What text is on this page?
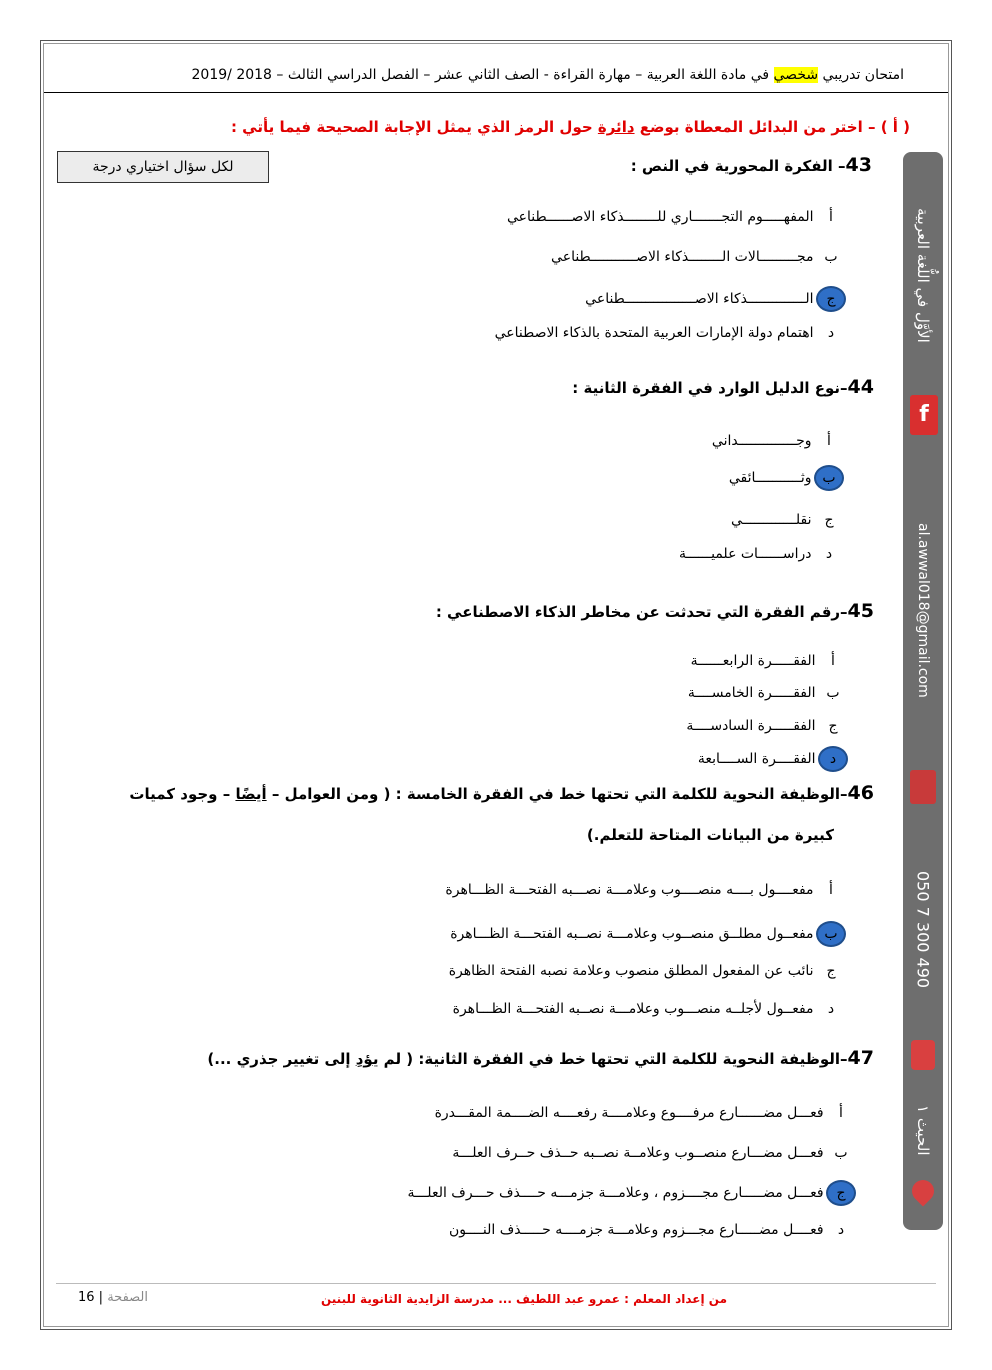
امتحان تدريبي شخصي في مادة اللغة العربية – مهارة القراءة - الصف الثاني عشر – الفصل الدراسي الثالث – 2018 /2019
( أ ) – اختر من البدائل المعطاة بوضع دائرة حول الرمز الذي يمثل الإجابة الصحيحة فيما يأتي :
لكل سؤال اختياري درجة	43– الفكرة المحورية في النص :
أ المفهـــــوم التجـــــــاري للــــــــذكاء الاصــــــطناعي
ب مجـــــــــالات الــــــــذكاء الاصـــــــــــطناعي
ج الــــــــــــــذكاء الاصـــــــــــــــــطناعي
د اهتمام دولة الإمارات العربية المتحدة بالذكاء الاصطناعي
44–نوع الدليل الوارد في الفقرة الثانية :
أ وجــــــــــــــداني
ب وثـــــــــــائقي
ج نقلـــــــــــــي
د دراســــــات علميــــــة
45–رقم الفقرة التي تحدثت عن مخاطر الذكاء الاصطناعي :
أ الفقـــــرة الرابعــــــة
ب الفقـــــرة الخامســــة
ج الفقـــــرة السادســــة
د الفقــــرة الســــابعة
46–الوظيفة النحوية للكلمة التي تحتها خط في الفقرة الخامسة : ( ومن العوامل – أيضًا – وجود كميات
كبيرة من البيانات المتاحة للتعلم.)
أ مفعــــول بــــه منصــــوب وعلامـــة نصـــبه الفتحـــة الظـــاهرة
ب مفعــول مطلــق منصــوب وعلامـــة نصــبه الفتحـــة الظـــاهرة
ج نائب عن المفعول المطلق منصوب وعلامة نصبه الفتحة الظاهرة
د مفعــول لأجلــه منصـــوب وعلامـــة نصــبه الفتحـــة الظـــاهرة
47–الوظيفة النحوية للكلمة التي تحتها خط في الفقرة الثانية: ( لم يؤدِ إلى تغيير جذري ...)
أ فعـــل مضــــــارع مرفــــوع وعلامــــة رفعــــه الضــــمة المقـــدرة
ب فعـــل مضـــارع منصــوب وعلامــة نصــبه حــذف حــرف العلـــة
ج فعـــل مضـــــارع مجــــزوم ، وعلامـــة جزمـــه حــــذف حـــرف العلـــة
د فعــــل مضـــــارع مجـــزوم وعلامـــة جزمــــه حـــــذف النــــون
الأوَّل في اللُّغة العربية
f
al.awwal018@gmail.com
050 7 300 490
الحيث ١
من إعداد المعلم : عمرو عبد اللطيف ... مدرسة الزايدية الثانوية للبنين
الصفحة | 16
